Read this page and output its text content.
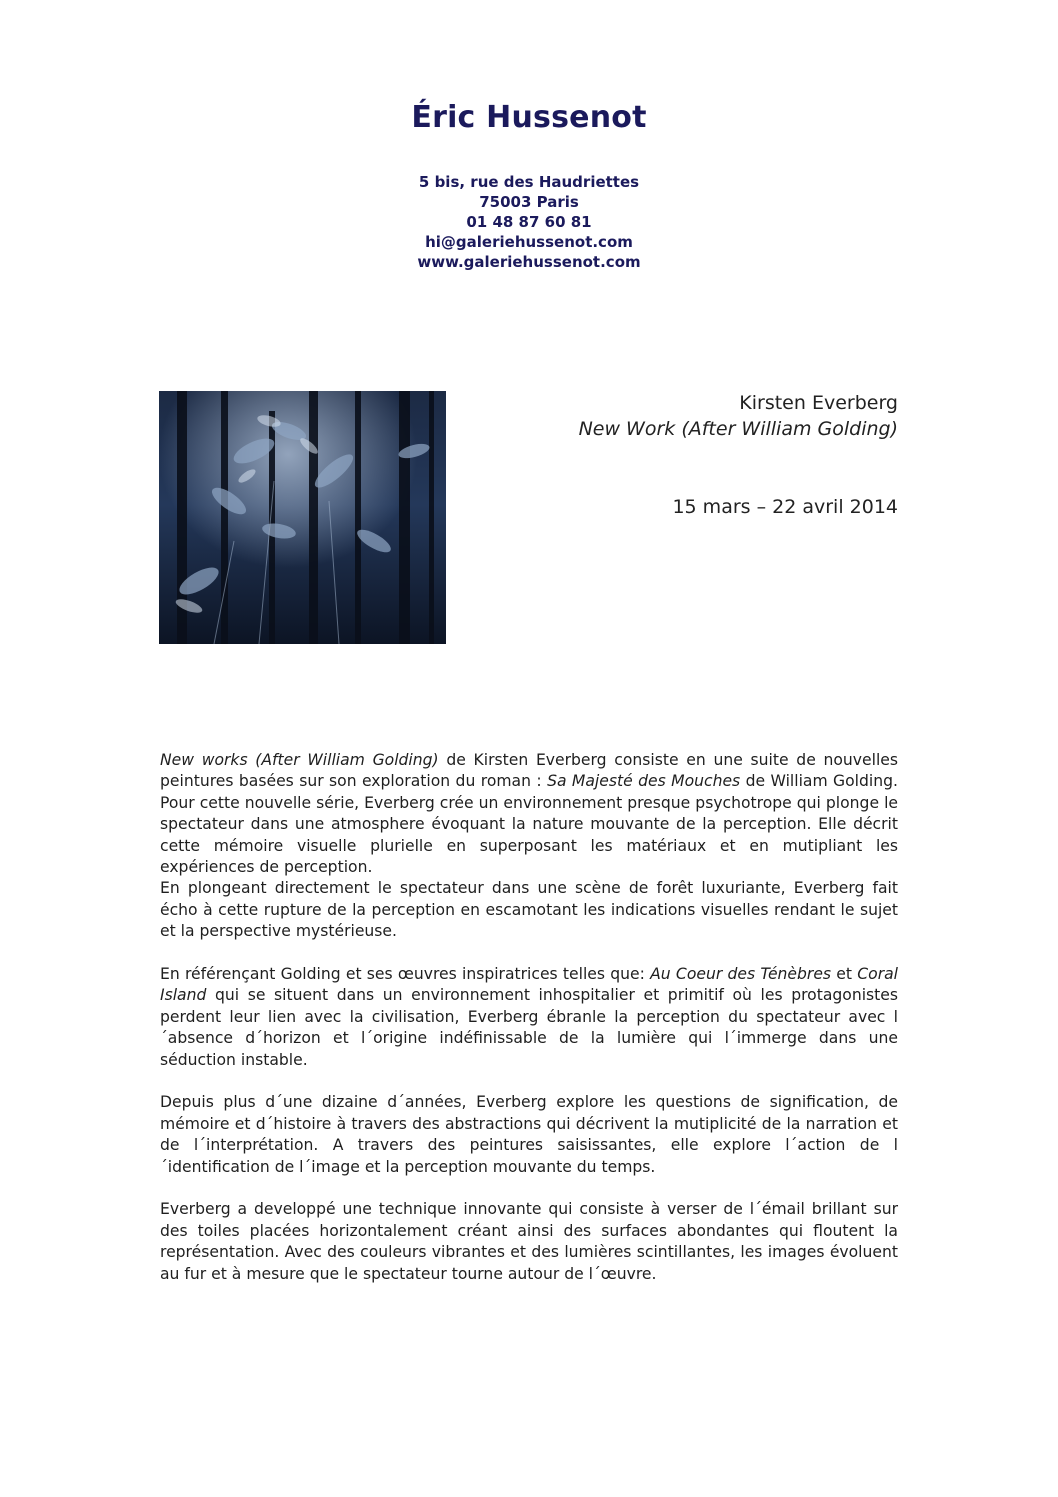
Éric Hussenot
5 bis, rue des Haudriettes
75003 Paris
01 48 87 60 81
hi@galeriehussenot.com
www.galeriehussenot.com
Kirsten Everberg
New Work (After William Golding)
15 mars – 22 avril 2014

New works (After William Golding) de Kirsten Everberg consiste en une suite de nouvelles peintures basées sur son exploration du roman : Sa Majesté des Mouches de William Golding. Pour cette nouvelle série, Everberg crée un environnement presque psychotrope qui plonge le spectateur dans une atmosphere évoquant la nature mouvante de la perception. Elle décrit cette mémoire visuelle plurielle en superposant les matériaux et en mutipliant les expériences de perception.

En plongeant directement le spectateur dans une scène de forêt luxuriante, Everberg fait écho à cette rupture de la perception en escamotant les indications visuelles rendant le sujet et la perspective mystérieuse.

En référençant Golding et ses œuvres inspiratrices telles que: Au Coeur des Ténèbres et Coral Island qui se situent dans un environnement inhospitalier et primitif où les protagonistes perdent leur lien avec la civilisation, Everberg ébranle la perception du spectateur avec l´absence d´horizon et l´origine indéfinissable de la lumière qui l´immerge dans une séduction instable.

Depuis plus d´une dizaine d´années, Everberg explore les questions de signification, de mémoire et d´histoire à travers des abstractions qui décrivent la mutiplicité de la narration et de l´interprétation. A travers des peintures saisissantes, elle explore l´action de l´identification de l´image et la perception mouvante du temps.

Everberg a developpé une technique innovante qui consiste à verser de l´émail brillant sur des toiles placées horizontalement créant ainsi des surfaces abondantes qui floutent la représentation. Avec des couleurs vibrantes et des lumières scintillantes, les images évoluent au fur et à mesure que le spectateur tourne autour de l´œuvre.
